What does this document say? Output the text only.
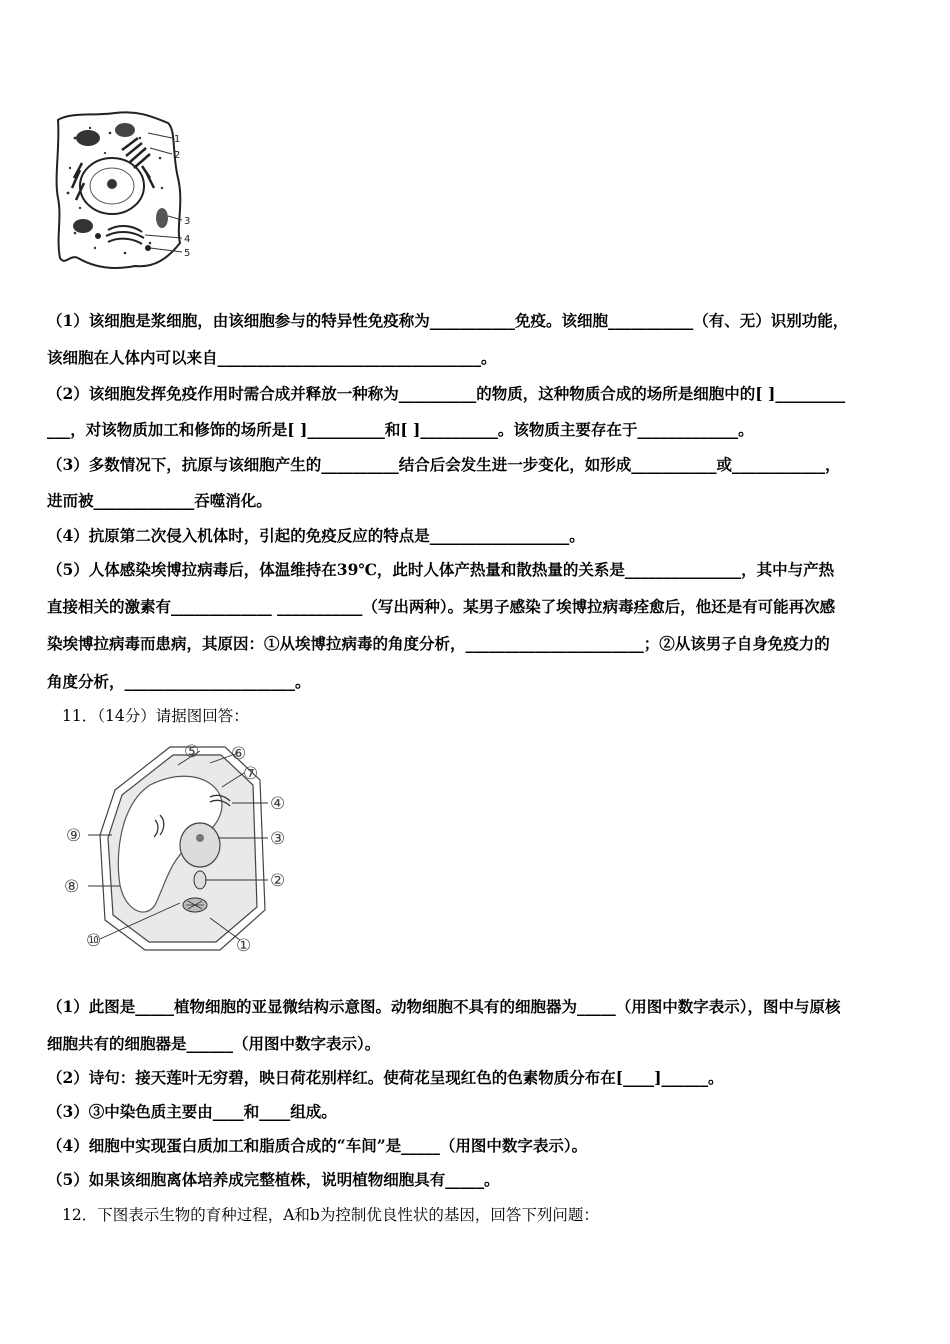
1
2
3
4
5
（1）该细胞是浆细胞，由该细胞参与的特异性免疫称为___________免疫。该细胞___________（有、无）识别功能，
该细胞在人体内可以来自__________________________________。
（2）该细胞发挥免疫作用时需合成并释放一种称为__________的物质，这种物质合成的场所是细胞中的[ ]_________
___，对该物质加工和修饰的场所是[ ]__________和[ ]__________。该物质主要存在于_____________。
（3）多数情况下，抗原与该细胞产生的__________结合后会发生进一步变化，如形成___________或____________，
进而被_____________吞噬消化。
（4）抗原第二次侵入机体时，引起的免疫反应的特点是__________________。
（5）人体感染埃博拉病毒后，体温维持在39℃，此时人体产热量和散热量的关系是_______________，其中与产热
直接相关的激素有_____________ ___________（写出两种）。某男子感染了埃博拉病毒痊愈后，他还是有可能再次感
染埃博拉病毒而患病，其原因：①从埃博拉病毒的角度分析，_______________________；②从该男子自身免疫力的
角度分析，______________________。
11．（14分）请据图回答：
⑤ ⑥
⑦
④
③
②
①
⑨
⑧
⑩
（1）此图是_____植物细胞的亚显微结构示意图。动物细胞不具有的细胞器为_____（用图中数字表示），图中与原核
细胞共有的细胞器是______（用图中数字表示）。
（2）诗句：接天莲叶无穷碧，映日荷花别样红。使荷花呈现红色的色素物质分布在[____]______。
（3）③中染色质主要由____和____组成。
（4）细胞中实现蛋白质加工和脂质合成的“车间”是_____（用图中数字表示）。
（5）如果该细胞离体培养成完整植株，说明植物细胞具有_____。
12．下图表示生物的育种过程，A和b为控制优良性状的基因，回答下列问题：
